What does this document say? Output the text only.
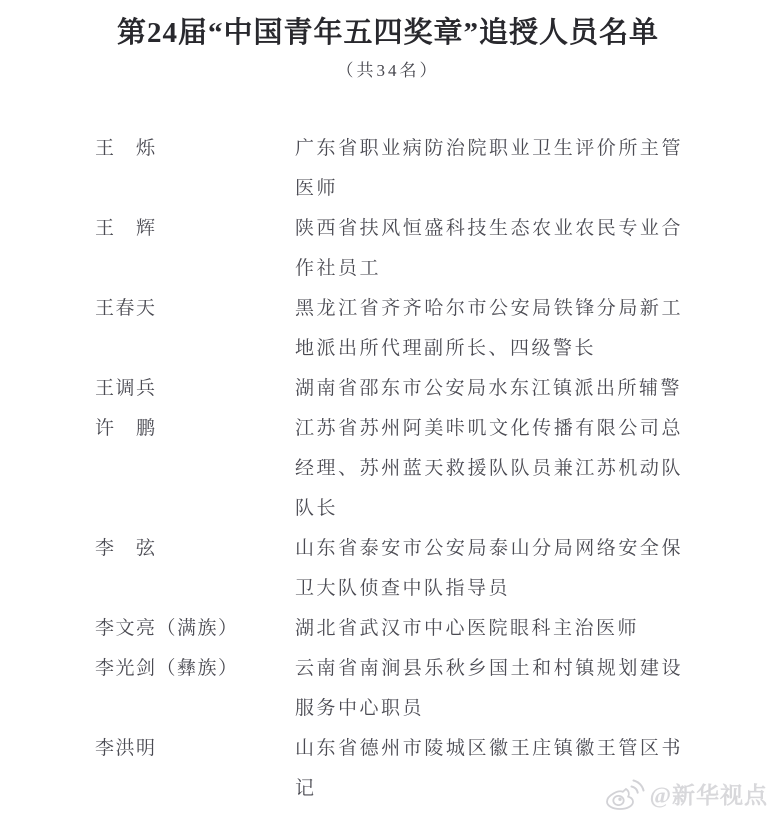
第24届“中国青年五四奖章”追授人员名单
（共34名）
王　烁	广东省职业病防治院职业卫生评价所主管医师
王　辉	陕西省扶风恒盛科技生态农业农民专业合作社员工
王春天	黑龙江省齐齐哈尔市公安局铁锋分局新工地派出所代理副所长、四级警长
王调兵	湖南省邵东市公安局水东江镇派出所辅警
许　鹏	江苏省苏州阿美咔叽文化传播有限公司总经理、苏州蓝天救援队队员兼江苏机动队队长
李　弦	山东省泰安市公安局泰山分局网络安全保卫大队侦查中队指导员
李文亮（满族）	湖北省武汉市中心医院眼科主治医师
李光剑（彝族）	云南省南涧县乐秋乡国土和村镇规划建设服务中心职员
李洪明	山东省德州市陵城区徽王庄镇徽王管区书记	@新华视点
